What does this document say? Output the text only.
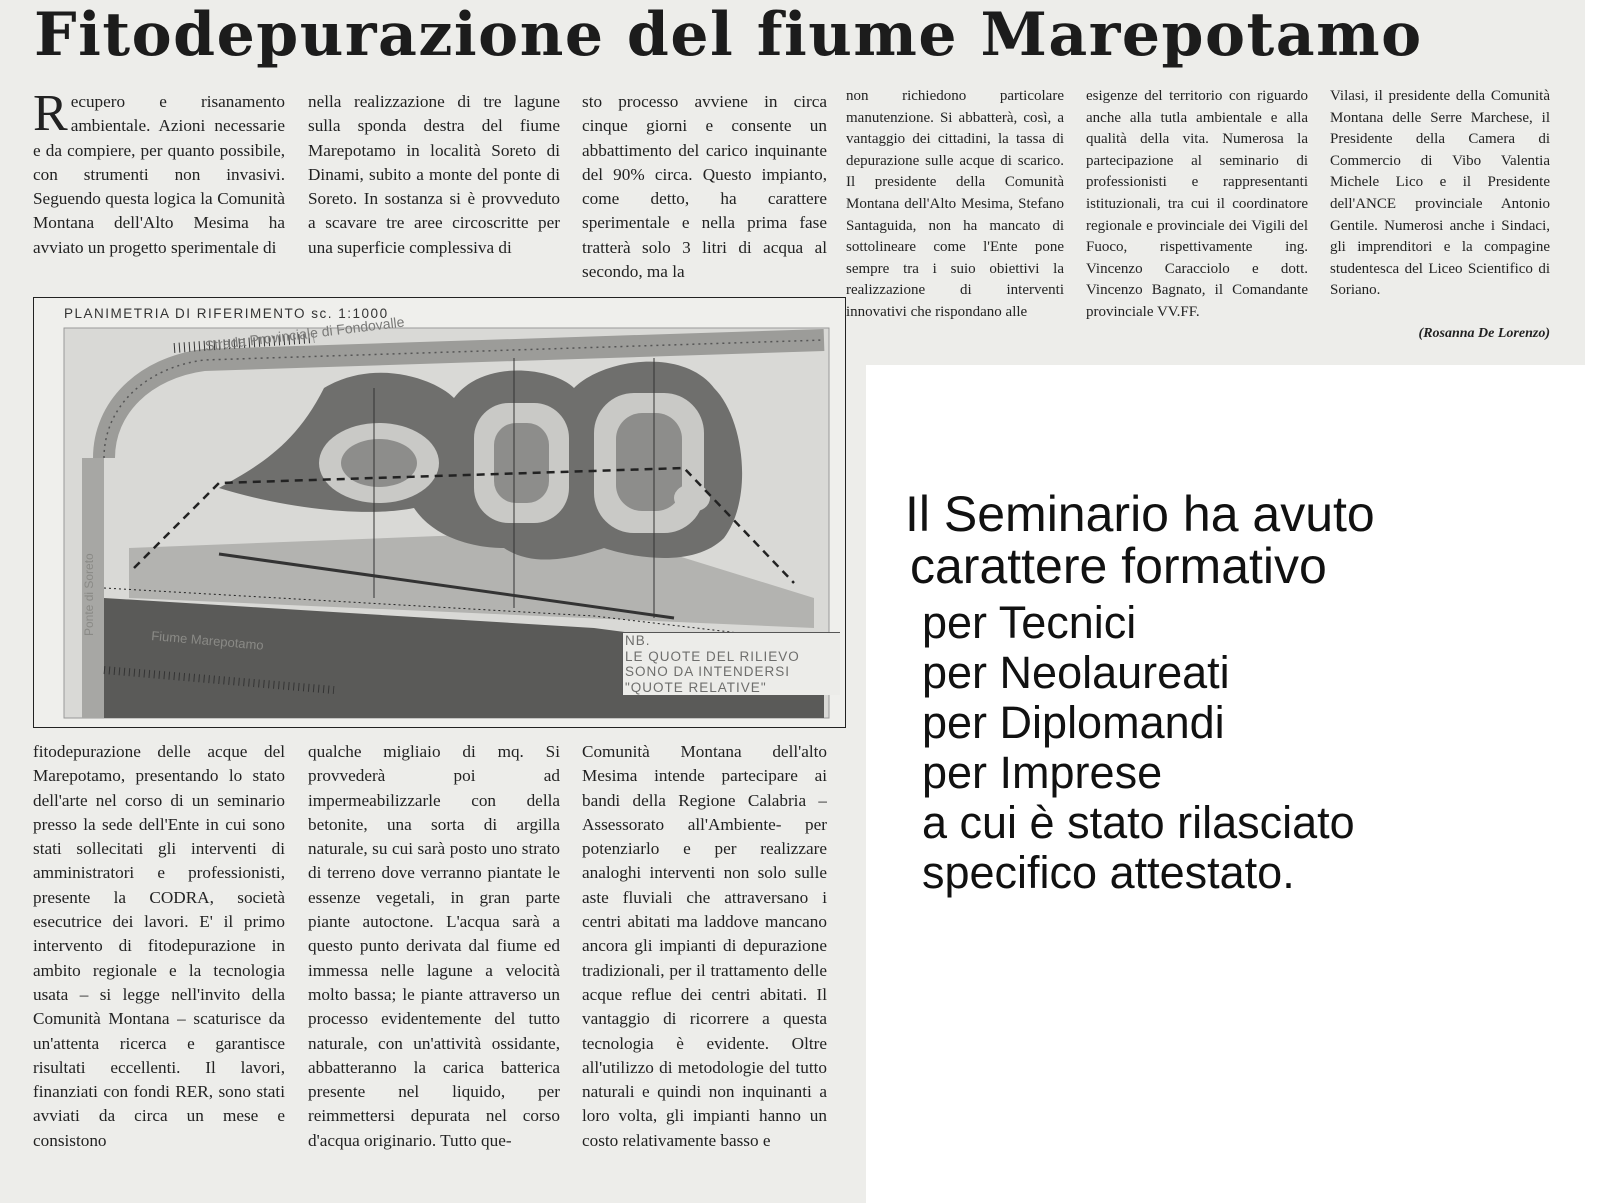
Fitodepurazione del fiume Marepotamo

Recupero e risanamento ambientale. Azioni necessarie e da compiere, per quanto possibile, con strumenti non invasivi. Seguendo questa logica la Comunità Montana dell'Alto Mesima ha avviato un progetto sperimentale di

nella realizzazione di tre lagune sulla sponda destra del fiume Marepotamo in località Soreto di Dinami, subito a monte del ponte di Soreto. In sostanza si è provveduto a scavare tre aree circoscritte per una superficie complessiva di

sto processo avviene in circa cinque giorni e consente un abbattimento del carico inquinante del 90% circa. Questo impianto, come detto, ha carattere sperimentale e nella prima fase tratterà solo 3 litri di acqua al secondo, ma la

non richiedono particolare manutenzione. Si abbatterà, così, a vantaggio dei cittadini, la tassa di depurazione sulle acque di scarico. Il presidente della Comunità Montana dell'Alto Mesima, Stefano Santaguida, non ha mancato di sottolineare come l'Ente pone sempre tra i suio obiettivi la realizzazione di interventi innovativi che rispondano alle

esigenze del territorio con riguardo anche alla tutla ambientale e alla qualità della vita. Numerosa la partecipazione al seminario di professionisti e rappresentanti istituzionali, tra cui il coordinatore regionale e provinciale dei Vigili del Fuoco, rispettivamente ing. Vincenzo Caracciolo e dott. Vincenzo Bagnato, il Comandante provinciale VV.FF.

Vilasi, il presidente della Comunità Montana delle Serre Marchese, il Presidente della Camera di Commercio di Vibo Valentia Michele Lico e il Presidente dell'ANCE provinciale Antonio Gentile. Numerosi anche i Sindaci, gli imprenditori e la compagine studentesca del Liceo Scientifico di Soriano.

(Rosanna De Lorenzo)

PLANIMETRIA DI RIFERIMENTO sc. 1:1000

Strada Provinciale di Fondovalle

Ponte di Soreto

Fiume Marepotamo	NB.
LE QUOTE DEL RILIEVO
SONO DA INTENDERSI
"QUOTE RELATIVE"

fitodepurazione delle acque del Marepotamo, presentando lo stato dell'arte nel corso di un seminario presso la sede dell'Ente in cui sono stati sollecitati gli interventi di amministratori e professionisti, presente la CODRA, società esecutrice dei lavori. E' il primo intervento di fitodepurazione in ambito regionale e la tecnologia usata – si legge nell'invito della Comunità Montana – scaturisce da un'attenta ricerca e garantisce risultati eccellenti. Il lavori, finanziati con fondi RER, sono stati avviati da circa un mese e consistono

qualche migliaio di mq. Si provvederà poi ad impermeabilizzarle con della betonite, una sorta di argilla naturale, su cui sarà posto uno strato di terreno dove verranno piantate le essenze vegetali, in gran parte piante autoctone. L'acqua sarà a questo punto derivata dal fiume ed immessa nelle lagune a velocità molto bassa; le piante attraverso un processo evidentemente del tutto naturale, con un'attività ossidante, abbatteranno la carica batterica presente nel liquido, per reimmettersi depurata nel corso d'acqua originario. Tutto que-

Comunità Montana dell'alto Mesima intende partecipare ai bandi della Regione Calabria –Assessorato all'Ambiente- per potenziarlo e per realizzare analoghi interventi non solo sulle aste fluviali che attraversano i centri abitati ma laddove mancano ancora gli impianti di depurazione tradizionali, per il trattamento delle acque reflue dei centri abitati. Il vantaggio di ricorrere a questa tecnologia è evidente. Oltre all'utilizzo di metodologie del tutto naturali e quindi non inquinanti a loro volta, gli impianti hanno un costo relativamente basso e

Il Seminario ha avuto
carattere formativo
per Tecnici
per Neolaureati
per Diplomandi
per Imprese
a cui è stato rilasciato
specifico attestato.
